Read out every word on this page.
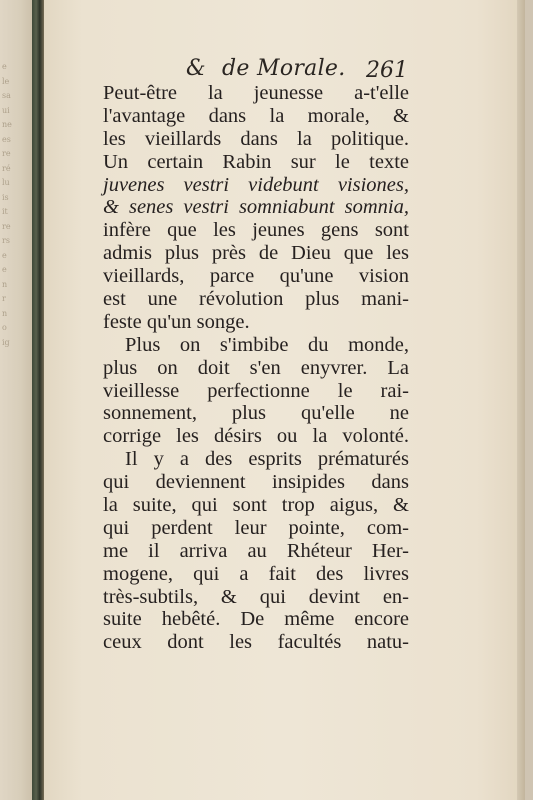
e
le
sa
ui
ne
es
re
ré
lu
is
it
re
rs
e
e
n
r
n
o
ig
& de Morale. 261
Peut-être la jeunesse a-t'elle
l'avantage dans la morale, &
les vieillards dans la politique.
Un certain Rabin sur le texte
juvenes vestri videbunt visiones,
& senes vestri somniabunt somnia,
infère que les jeunes gens sont
admis plus près de Dieu que les
vieillards, parce qu'une vision
est une révolution plus mani-
feste qu'un songe.
Plus on s'imbibe du monde,
plus on doit s'en enyvrer. La
vieillesse perfectionne le rai-
sonnement, plus qu'elle ne
corrige les désirs ou la volonté.
Il y a des esprits prématurés
qui deviennent insipides dans
la suite, qui sont trop aigus, &
qui perdent leur pointe, com-
me il arriva au Rhéteur Her-
mogene, qui a fait des livres
très-subtils, & qui devint en-
suite hebêté. De même encore
ceux dont les facultés natu-
